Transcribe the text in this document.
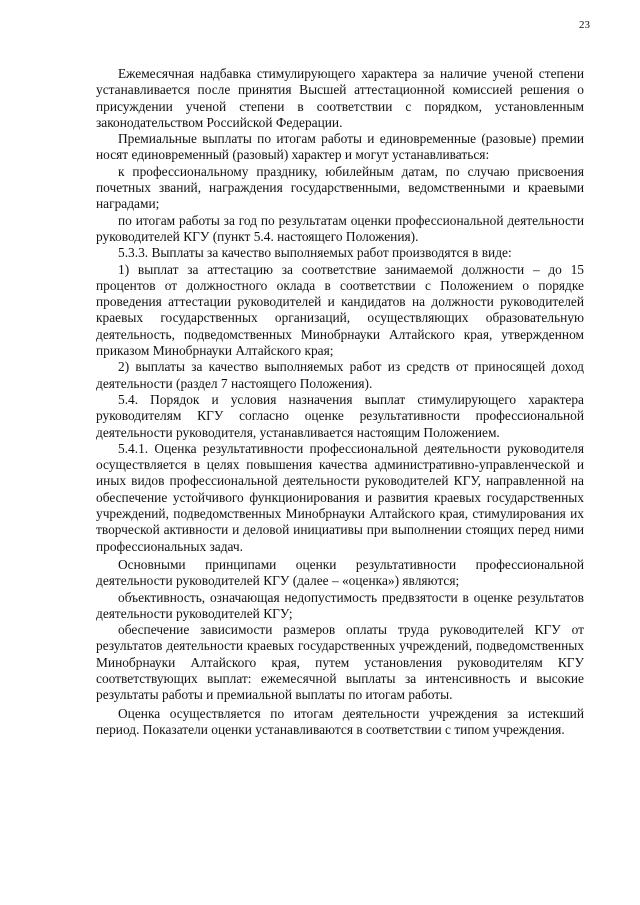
23

Ежемесячная надбавка стимулирующего характера за наличие ученой степени устанавливается после принятия Высшей аттестационной комиссией решения о присуждении ученой степени в соответствии с порядком, установленным законодательством Российской Федерации.

Премиальные выплаты по итогам работы и единовременные (разовые) премии носят единовременный (разовый) характер и могут устанавливаться:

к профессиональному празднику, юбилейным датам, по случаю присвоения почетных званий, награждения государственными, ведомственными и краевыми наградами;

по итогам работы за год по результатам оценки профессиональной деятельности руководителей КГУ (пункт 5.4. настоящего Положения).

5.3.3. Выплаты за качество выполняемых работ производятся в виде:

1) выплат за аттестацию за соответствие занимаемой должности – до 15 процентов от должностного оклада в соответствии с Положением о порядке проведения аттестации руководителей и кандидатов на должности руководителей краевых государственных организаций, осуществляющих образовательную деятельность, подведомственных Минобрнауки Алтайского края, утвержденном приказом Минобрнауки Алтайского края;

2) выплаты за качество выполняемых работ из средств от приносящей доход деятельности (раздел 7 настоящего Положения).

5.4. Порядок и условия назначения выплат стимулирующего характера руководителям КГУ согласно оценке результативности профессиональной деятельности руководителя, устанавливается настоящим Положением.

5.4.1. Оценка результативности профессиональной деятельности руководителя осуществляется в целях повышения качества административно-управленческой и иных видов профессиональной деятельности руководителей КГУ, направленной на обеспечение устойчивого функционирования и развития краевых государственных учреждений, подведомственных Минобрнауки Алтайского края, стимулирования их творческой активности и деловой инициативы при выполнении стоящих перед ними профессиональных задач.

Основными принципами оценки результативности профессиональной деятельности руководителей КГУ (далее – «оценка») являются;

объективность, означающая недопустимость предвзятости в оценке результатов деятельности руководителей КГУ;

обеспечение зависимости размеров оплаты труда руководителей КГУ от результатов деятельности краевых государственных учреждений, подведомственных Минобрнауки Алтайского края, путем установления руководителям КГУ соответствующих выплат: ежемесячной выплаты за интенсивность и высокие результаты работы и премиальной выплаты по итогам работы.

Оценка осуществляется по итогам деятельности учреждения за истекший период. Показатели оценки устанавливаются в соответствии с типом учреждения.
